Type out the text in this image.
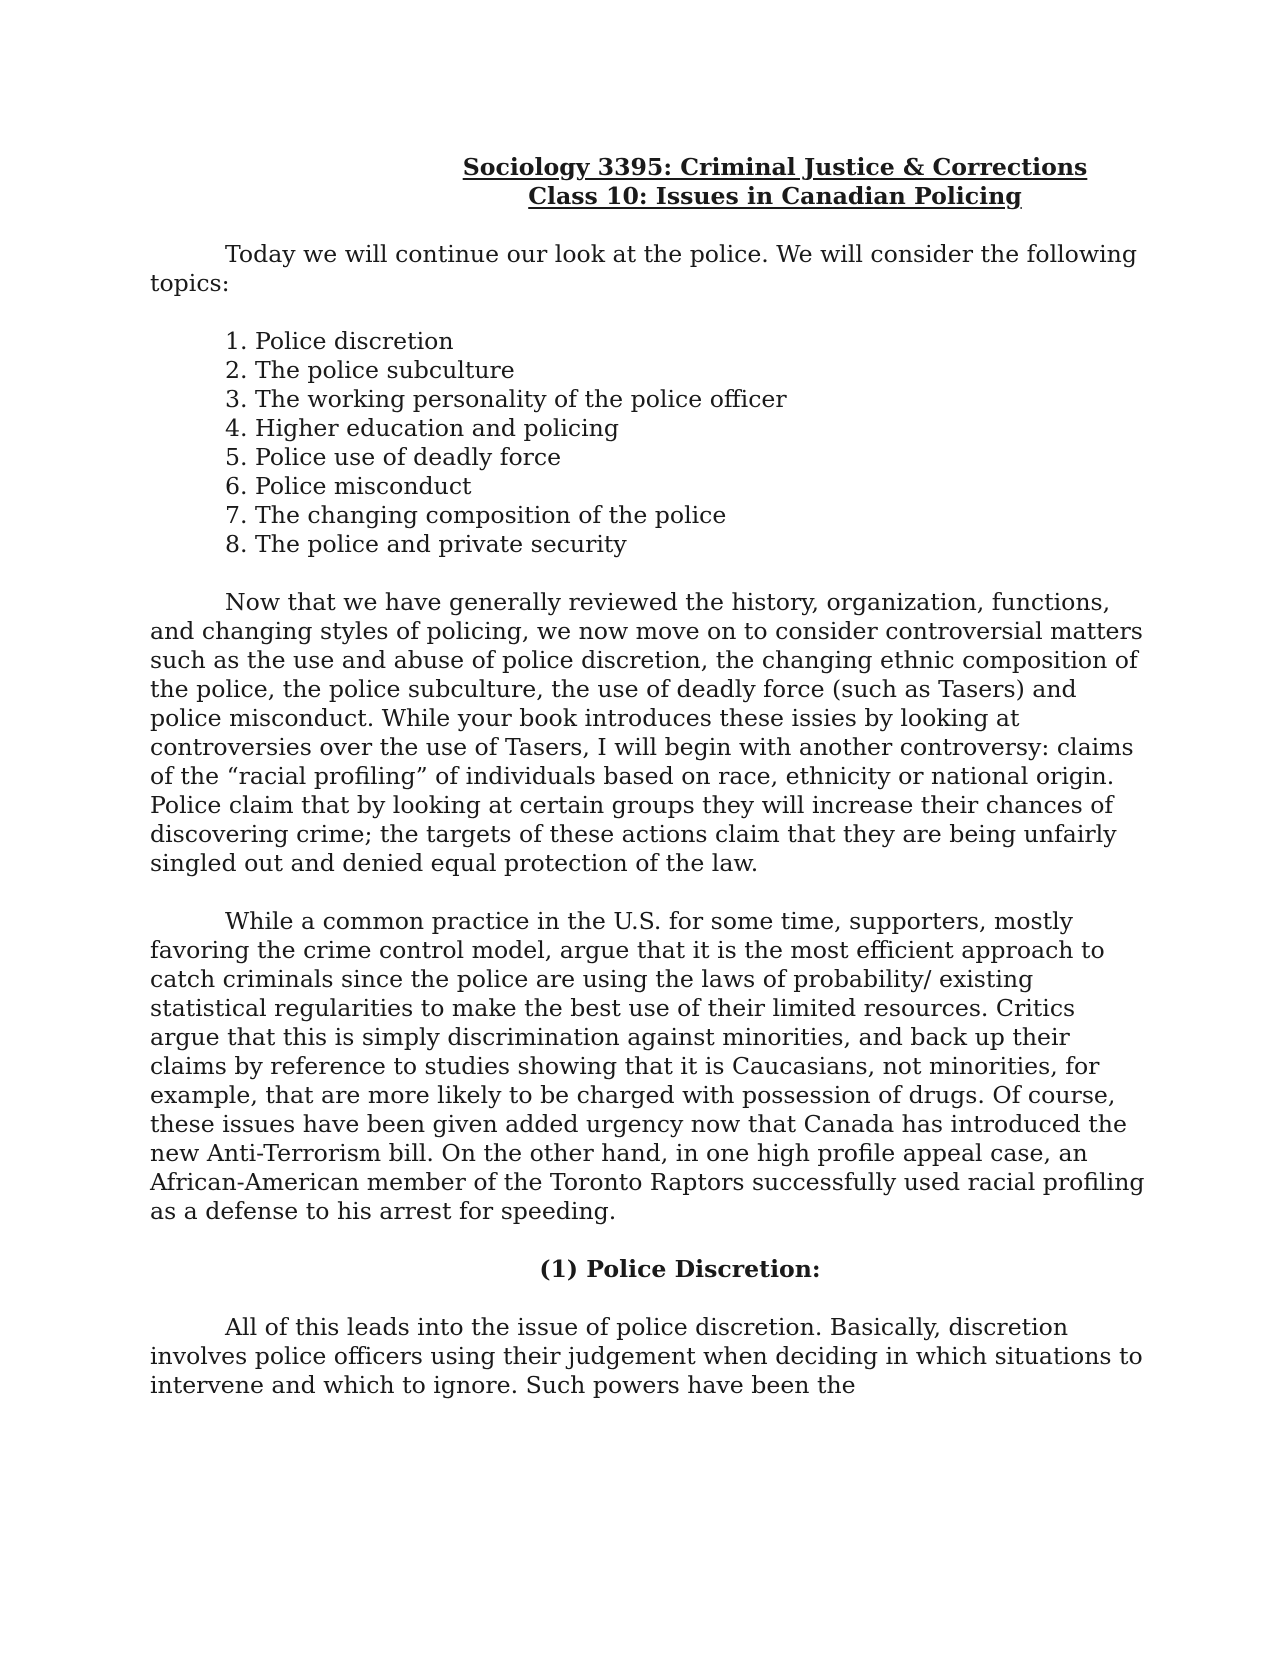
Sociology 3395: Criminal Justice & Corrections
Class 10: Issues in Canadian Policing

Today we will continue our look at the police. We will consider the following topics:

1. Police discretion
2. The police subculture
3. The working personality of the police officer
4. Higher education and policing
5. Police use of deadly force
6. Police misconduct
7. The changing composition of the police
8. The police and private security

Now that we have generally reviewed the history, organization, functions, and changing styles of policing, we now move on to consider controversial matters such as the use and abuse of police discretion, the changing ethnic composition of the police, the police subculture, the use of deadly force (such as Tasers) and police misconduct. While your book introduces these issies by looking at controversies over the use of Tasers, I will begin with another controversy: claims of the “racial profiling” of individuals based on race, ethnicity or national origin. Police claim that by looking at certain groups they will increase their chances of discovering crime; the targets of these actions claim that they are being unfairly singled out and denied equal protection of the law.

While a common practice in the U.S. for some time, supporters, mostly favoring the crime control model, argue that it is the most efficient approach to catch criminals since the police are using the laws of probability/ existing statistical regularities to make the best use of their limited resources. Critics argue that this is simply discrimination against minorities, and back up their claims by reference to studies showing that it is Caucasians, not minorities, for example, that are more likely to be charged with possession of drugs. Of course, these issues have been given added urgency now that Canada has introduced the new Anti-Terrorism bill. On the other hand, in one high profile appeal case, an African-American member of the Toronto Raptors successfully used racial profiling as a defense to his arrest for speeding.

(1) Police Discretion:

All of this leads into the issue of police discretion. Basically, discretion involves police officers using their judgement when deciding in which situations to intervene and which to ignore. Such powers have been the
